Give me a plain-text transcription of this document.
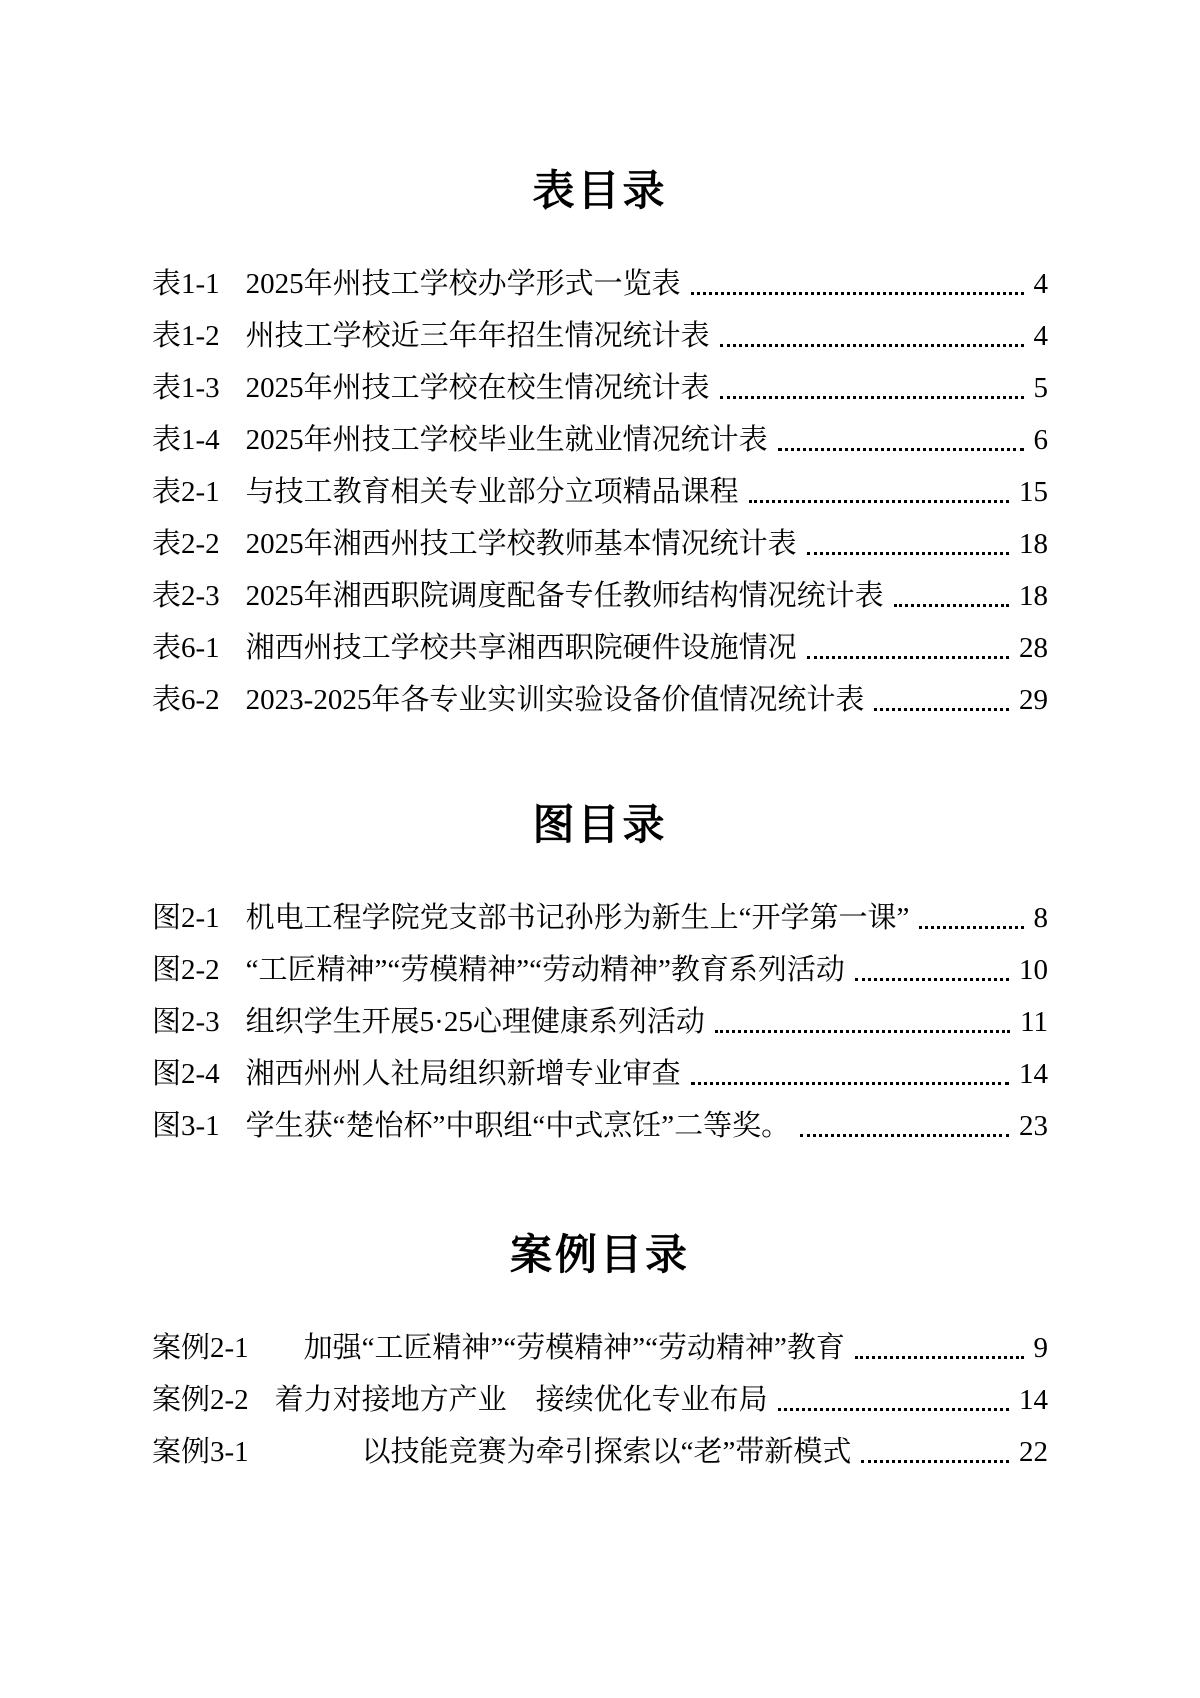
表目录
表1-1 2025年州技工学校办学形式一览表	4
表1-2 州技工学校近三年年招生情况统计表	4
表1-3 2025年州技工学校在校生情况统计表	5
表1-4 2025年州技工学校毕业生就业情况统计表	6
表2-1 与技工教育相关专业部分立项精品课程	15
表2-2 2025年湘西州技工学校教师基本情况统计表	18
表2-3 2025年湘西职院调度配备专任教师结构情况统计表	18
表6-1 湘西州技工学校共享湘西职院硬件设施情况	28
表6-2 2023-2025年各专业实训实验设备价值情况统计表	29
图目录
图2-1 机电工程学院党支部书记孙彤为新生上“开学第一课”	8
图2-2 “工匠精神”“劳模精神”“劳动精神”教育系列活动	10
图2-3 组织学生开展5·25心理健康系列活动	11
图2-4 湘西州州人社局组织新增专业审查	14
图3-1 学生获“楚怡杯”中职组“中式烹饪”二等奖。	23
案例目录
案例2-1 　加强“工匠精神”“劳模精神”“劳动精神”教育	9
案例2-2 着力对接地方产业　接续优化专业布局	14
案例3-1 　　　以技能竞赛为牵引探索以“老”带新模式	22
